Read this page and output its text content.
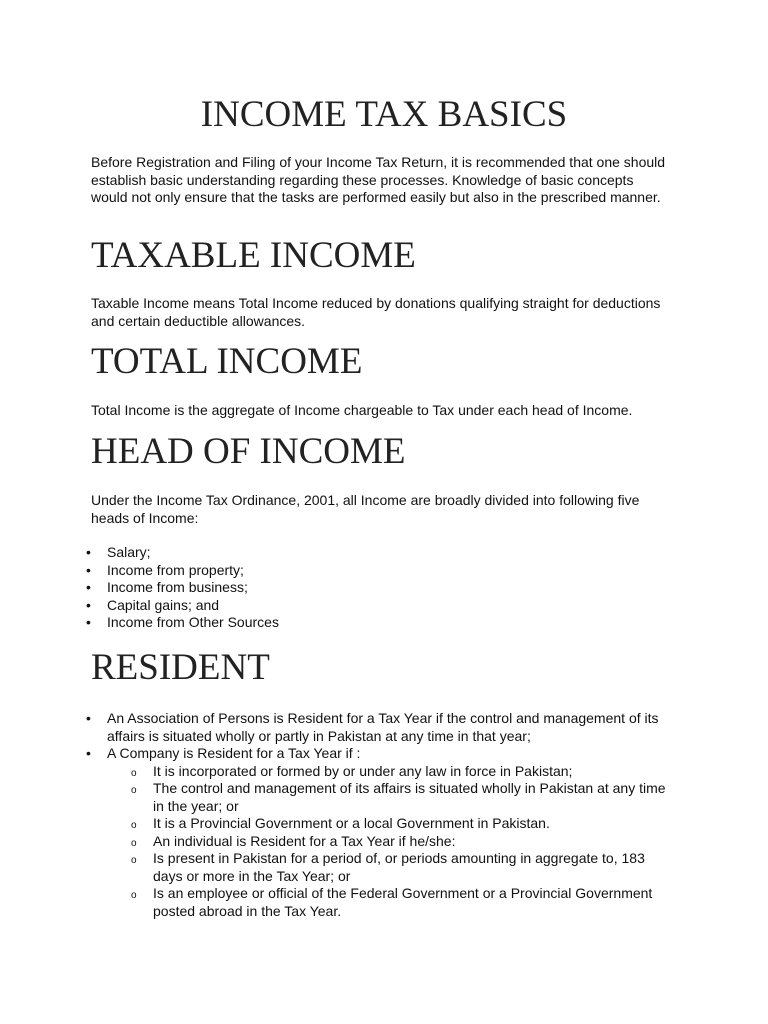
INCOME TAX BASICS

Before Registration and Filing of your Income Tax Return, it is recommended that one should establish basic understanding regarding these processes. Knowledge of basic concepts would not only ensure that the tasks are performed easily but also in the prescribed manner.

TAXABLE INCOME

Taxable Income means Total Income reduced by donations qualifying straight for deductions and certain deductible allowances.

TOTAL INCOME

Total Income is the aggregate of Income chargeable to Tax under each head of Income.

HEAD OF INCOME

Under the Income Tax Ordinance, 2001, all Income are broadly divided into following five heads of Income:

• Salary;
• Income from property;
• Income from business;
• Capital gains; and
• Income from Other Sources
RESIDENT
• An Association of Persons is Resident for a Tax Year if the control and management of its affairs is situated wholly or partly in Pakistan at any time in that year;
• A Company is Resident for a Tax Year if :
o It is incorporated or formed by or under any law in force in Pakistan;
o The control and management of its affairs is situated wholly in Pakistan at any time in the year; or
o It is a Provincial Government or a local Government in Pakistan.
o An individual is Resident for a Tax Year if he/she:
o Is present in Pakistan for a period of, or periods amounting in aggregate to, 183 days or more in the Tax Year; or
o Is an employee or official of the Federal Government or a Provincial Government posted abroad in the Tax Year.
